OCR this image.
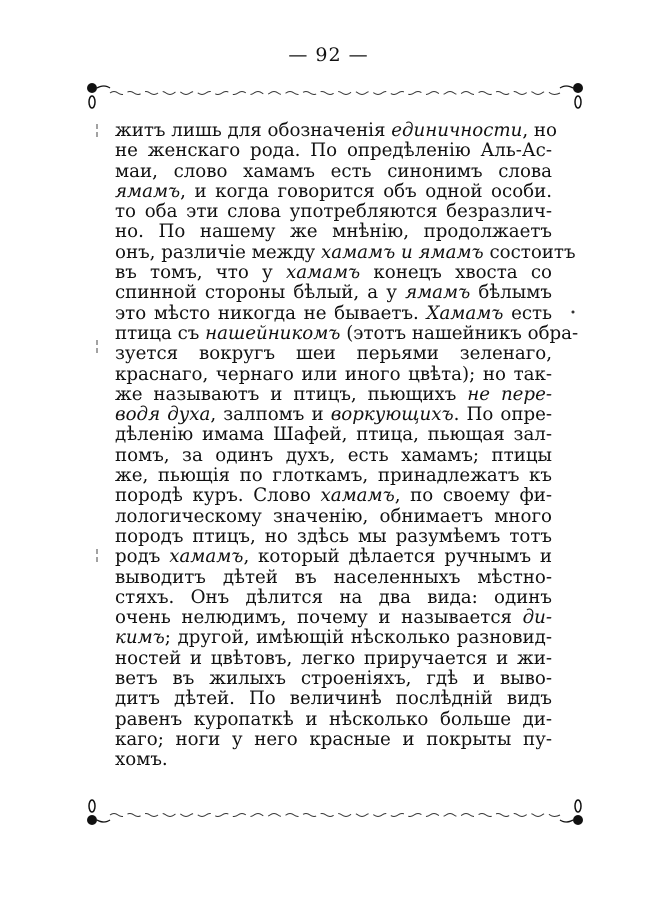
— 92 —
житъ лишь для обозначенія единичности, но
не женскаго рода. По опредѣленію Аль-Ас-
маи, слово хамамъ есть синонимъ слова
ямамъ, и когда говорится объ одной особи.
то оба эти слова употребляются безразлич-
но. По нашему же мнѣнію, продолжаетъ
онъ, различіе между хамамъ и ямамъ состоитъ
въ томъ, что у хамамъ конецъ хвоста со
спинной стороны бѣлый, а у ямамъ бѣлымъ
это мѣсто никогда не бываетъ. Хамамъ есть
птица съ нашейникомъ (этотъ нашейникъ обра-
зуется вокругъ шеи перьями зеленаго,
краснаго, чернаго или иного цвѣта); но так-
же называютъ и птицъ, пьющихъ не пере-
водя духа, залпомъ и воркующихъ. По опре-
дѣленію имама Шафей, птица, пьющая зал-
помъ, за одинъ духъ, есть хамамъ; птицы
же, пьющія по глоткамъ, принадлежатъ къ
породѣ куръ. Слово хамамъ, по своему фи-
лологическому значенію, обнимаетъ много
породъ птицъ, но здѣсь мы разумѣемъ тотъ
родъ хамамъ, который дѣлается ручнымъ и
выводитъ дѣтей въ населенныхъ мѣстно-
стяхъ. Онъ дѣлится на два вида: одинъ
очень нелюдимъ, почему и называется ди-
кимъ; другой, имѣющій нѣсколько разновид-
ностей и цвѣтовъ, легко приручается и жи-
ветъ въ жилыхъ строеніяхъ, гдѣ и выво-
дитъ дѣтей. По величинѣ послѣдній видъ
равенъ куропаткѣ и нѣсколько больше ди-
каго; ноги у него красные и покрыты пу-
хомъ.
